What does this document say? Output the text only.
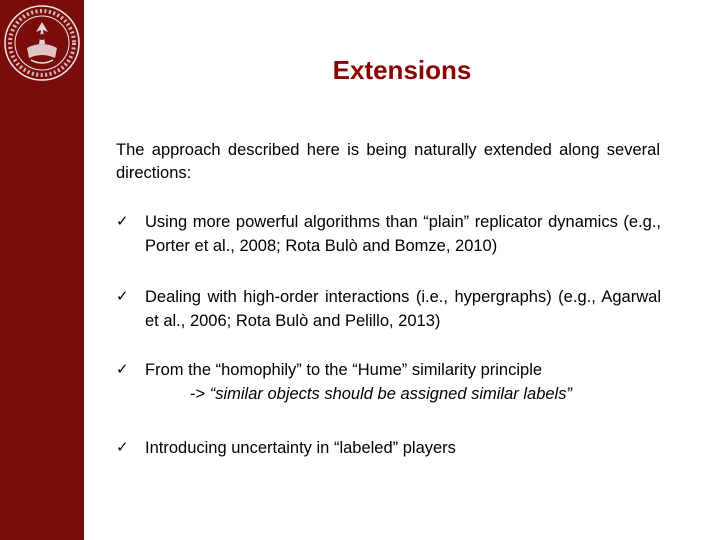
Extensions
The approach described here is being naturally extended along several directions:
✓ Using more powerful algorithms than “plain” replicator dynamics (e.g., Porter et al., 2008; Rota Bulò and Bomze, 2010)
✓ Dealing with high-order interactions (i.e., hypergraphs) (e.g., Agarwal et al., 2006; Rota Bulò and Pelillo, 2013)
✓ From the “homophily” to the “Hume” similarity principle
-> “similar objects should be assigned similar labels”
✓ Introducing uncertainty in “labeled” players
